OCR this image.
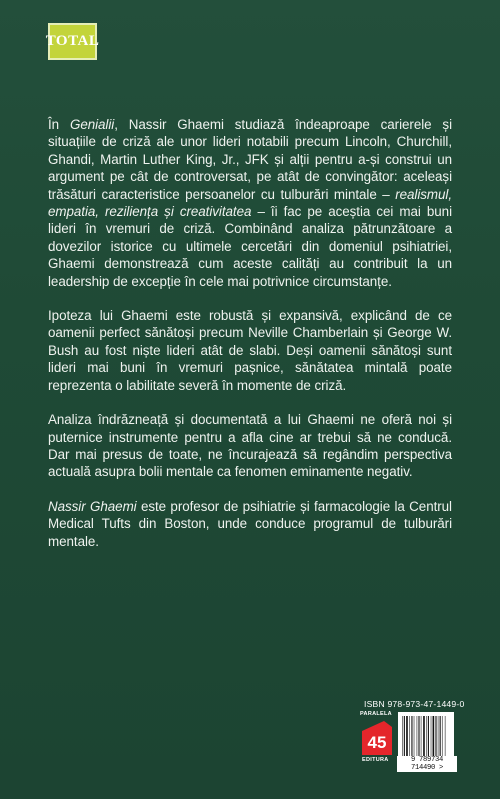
TOTAL

În Genialii, Nassir Ghaemi studiază îndeaproape carierele și situațiile de criză ale unor lideri notabili precum Lincoln, Churchill, Ghandi, Martin Luther King, Jr., JFK și alții pentru a-și construi un argument pe cât de controversat, pe atât de convingător: aceleași trăsături caracteristice persoanelor cu tulburări mintale – realismul, empatia, reziliența și creativitatea – îi fac pe aceștia cei mai buni lideri în vremuri de criză. Combinând analiza pătrunzătoare a dovezilor istorice cu ultimele cercetări din domeniul psihiatriei, Ghaemi demonstrează cum aceste calități au contribuit la un leadership de excepție în cele mai potrivnice circumstanțe.

Ipoteza lui Ghaemi este robustă și expansivă, explicând de ce oamenii perfect sănătoși precum Neville Chamberlain și George W. Bush au fost niște lideri atât de slabi. Deși oamenii sănătoși sunt lideri mai buni în vremuri pașnice, sănătatea mintală poate reprezenta o labilitate severă în momente de criză.

Analiza îndrăzneață și documentată a lui Ghaemi ne oferă noi și puternice instrumente pentru a afla cine ar trebui să ne conducă. Dar mai presus de toate, ne încurajează să regândim perspectiva actuală asupra bolii mentale ca fenomen eminamente negativ.

Nassir Ghaemi este profesor de psihiatrie și farmacologie la Centrul Medical Tufts din Boston, unde conduce programul de tulburări mentale.

ISBN 978-973-47-1449-0
PARALELA
45
EDITURA	9 789734 714490 >
